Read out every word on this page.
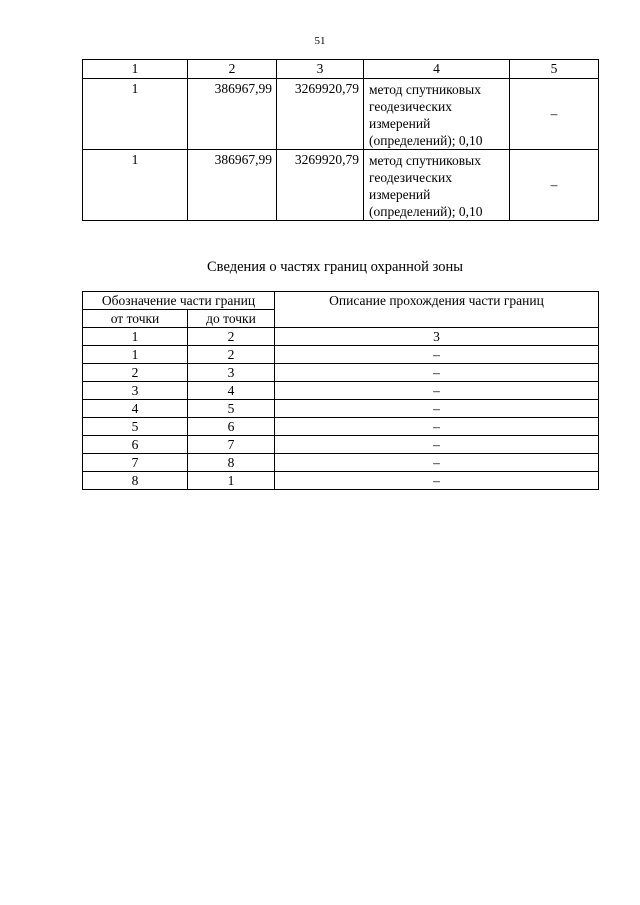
51
1	2	3	4	5
1	386967,99	3269920,79	метод спутниковых
геодезических
измерений
(определений); 0,10	–
1	386967,99	3269920,79	метод спутниковых
геодезических
измерений
(определений); 0,10	–
Сведения о частях границ охранной зоны
Обозначение части границ		Описание прохождения части границ
от точки	до точки	
1	2	3
1	2	–
2	3	–
3	4	–
4	5	–
5	6	–
6	7	–
7	8	–
8	1	–
